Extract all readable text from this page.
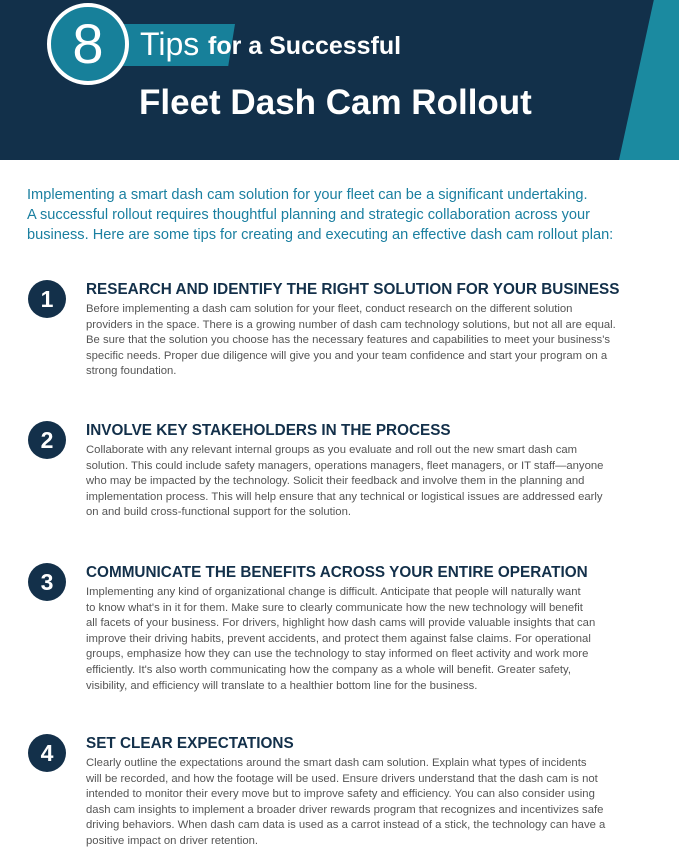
Tips
8	for a Successful
Fleet Dash Cam Rollout

Implementing a smart dash cam solution for your fleet can be a significant undertaking.

A successful rollout requires thoughtful planning and strategic collaboration across your

business. Here are some tips for creating and executing an effective dash cam rollout plan:

1	RESEARCH AND IDENTIFY THE RIGHT SOLUTION FOR YOUR BUSINESS

Before implementing a dash cam solution for your fleet, conduct research on the different solution

providers in the space. There is a growing number of dash cam technology solutions, but not all are equal.

Be sure that the solution you choose has the necessary features and capabilities to meet your business's

specific needs. Proper due diligence will give you and your team confidence and start your program on a

strong foundation.

2	INVOLVE KEY STAKEHOLDERS IN THE PROCESS

Collaborate with any relevant internal groups as you evaluate and roll out the new smart dash cam

solution. This could include safety managers, operations managers, fleet managers, or IT staff—anyone

who may be impacted by the technology. Solicit their feedback and involve them in the planning and

implementation process. This will help ensure that any technical or logistical issues are addressed early

on and build cross-functional support for the solution.

3	COMMUNICATE THE BENEFITS ACROSS YOUR ENTIRE OPERATION

Implementing any kind of organizational change is difficult. Anticipate that people will naturally want

to know what's in it for them. Make sure to clearly communicate how the new technology will benefit

all facets of your business. For drivers, highlight how dash cams will provide valuable insights that can

improve their driving habits, prevent accidents, and protect them against false claims. For operational

groups, emphasize how they can use the technology to stay informed on fleet activity and work more

efficiently. It's also worth communicating how the company as a whole will benefit. Greater safety,

visibility, and efficiency will translate to a healthier bottom line for the business.

4	SET CLEAR EXPECTATIONS

Clearly outline the expectations around the smart dash cam solution. Explain what types of incidents

will be recorded, and how the footage will be used. Ensure drivers understand that the dash cam is not

intended to monitor their every move but to improve safety and efficiency. You can also consider using

dash cam insights to implement a broader driver rewards program that recognizes and incentivizes safe

driving behaviors. When dash cam data is used as a carrot instead of a stick, the technology can have a

positive impact on driver retention.
